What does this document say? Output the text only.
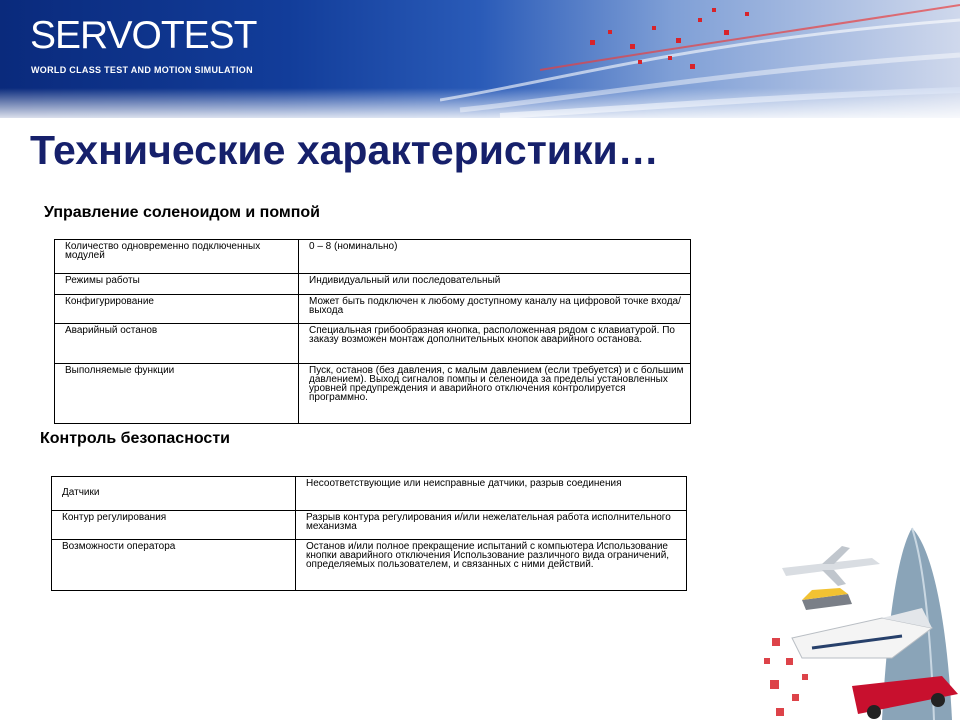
SERVOTEST
WORLD CLASS TEST AND MOTION SIMULATION
Технические характеристики…
Управление соленоидом и помпой
Количество одновременно подключенных модулей	0 – 8 (номинально)
Режимы работы	Индивидуальный или последовательный
Конфигурирование	Может быть подключен к любому доступному каналу на цифровой точке входа/выхода
Аварийный останов	Специальная грибообразная кнопка, расположенная рядом с клавиатурой. По заказу возможен монтаж дополнительных кнопок аварийного останова.
Выполняемые функции	Пуск, останов (без давления, с малым давлением (если требуется) и с большим давлением). Выход сигналов помпы и селеноида за пределы установленных уровней предупреждения и аварийного отключения контролируется программно.
Контроль безопасности
Датчики	Несоответствующие или неисправные датчики, разрыв соединения
Контур регулирования	Разрыв контура регулирования и/или нежелательная работа исполнительного механизма
Возможности оператора	Останов и/или полное прекращение испытаний с компьютера Использование кнопки аварийного отключения Использование различного вида ограничений, определяемых пользователем, и связанных с ними действий.
